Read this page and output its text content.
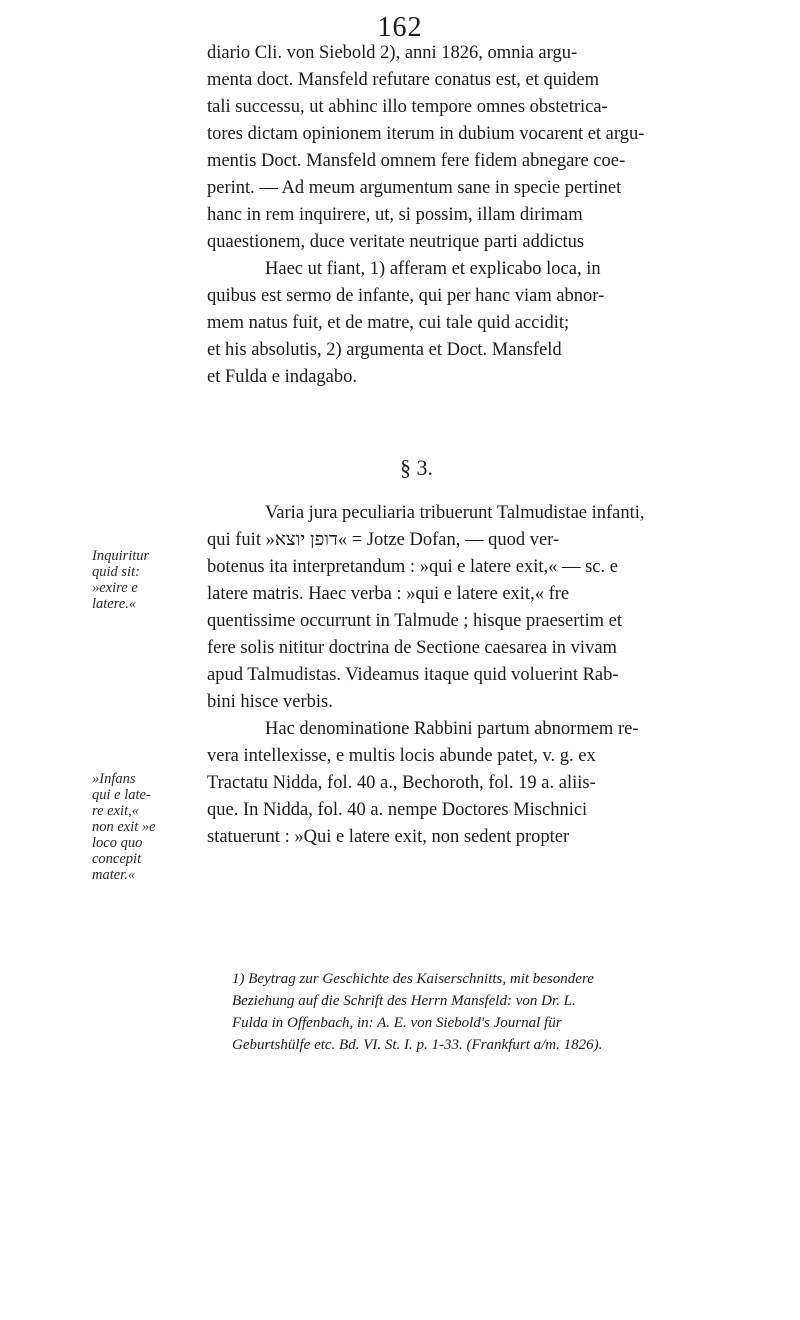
162

diario Cli. von Siebold 2), anni 1826, omnia argu-
menta doct. Mansfeld refutare conatus est, et quidem
tali successu, ut abhinc illo tempore omnes obstetrica-
tores dictam opinionem iterum in dubium vocarent et argu-
mentis Doct. Mansfeld omnem fere fidem abnegare coe-
perint. — Ad meum argumentum sane in specie pertinet
hanc in rem inquirere, ut, si possim, illam dirimam
quaestionem, duce veritate neutrique parti addictus

Haec ut fiant, 1) afferam et explicabo loca, in
quibus est sermo de infante, qui per hanc viam abnor-
mem natus fuit, et de matre, cui tale quid accidit;
et his absolutis, 2) argumenta et Doct. Mansfeld
et Fulda e indagabo.

§ 3.

Varia jura peculiaria tribuerunt Talmudistae infanti,
qui fuit »דופן יוצא« = Jotze Dofan, — quod ver-
botenus ita interpretandum : »qui e latere exit,« — sc. e
latere matris. Haec verba : »qui e latere exit,« fre
quentissime occurrunt in Talmude ; hisque praesertim et
fere solis nititur doctrina de Sectione caesarea in vivam
apud Talmudistas. Videamus itaque quid voluerint Rab-
bini hisce verbis.

Hac denominatione Rabbini partum abnormem re-
vera intellexisse, e multis locis abunde patet, v. g. ex
Tractatu Nidda, fol. 40 a., Bechoroth, fol. 19 a. aliis-
que. In Nidda, fol. 40 a. nempe Doctores Mischnici
statuerunt : »Qui e latere exit, non sedent propter

Inquiritur
quid sit:
»exire e
latere.«
»Infans
qui e late-
re exit,«
non exit »e
loco quo
concepit
mater.«
1) Beytrag zur Geschichte des Kaiserschnitts, mit besondere
Beziehung auf die Schrift des Herrn Mansfeld: von Dr. L.
Fulda in Offenbach, in: A. E. von Siebold's Journal für
Geburtshülfe etc. Bd. VI. St. I. p. 1-33. (Frankfurt a/m. 1826).
